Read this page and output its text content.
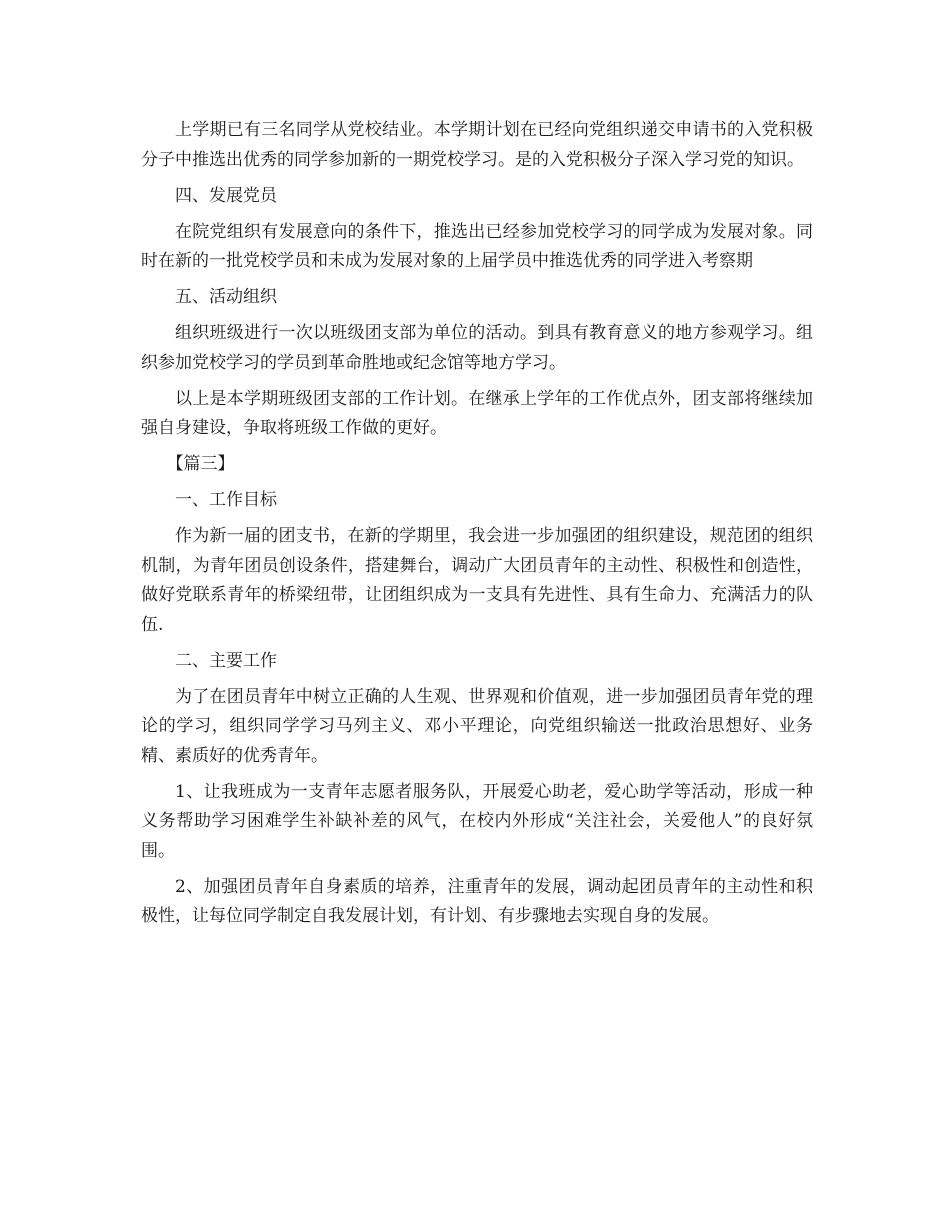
上学期已有三名同学从党校结业。本学期计划在已经向党组织递交申请书的入党积极分子中推选出优秀的同学参加新的一期党校学习。是的入党积极分子深入学习党的知识。

四、发展党员

在院党组织有发展意向的条件下，推选出已经参加党校学习的同学成为发展对象。同时在新的一批党校学员和未成为发展对象的上届学员中推选优秀的同学进入考察期

五、活动组织

组织班级进行一次以班级团支部为单位的活动。到具有教育意义的地方参观学习。组织参加党校学习的学员到革命胜地或纪念馆等地方学习。

以上是本学期班级团支部的工作计划。在继承上学年的工作优点外，团支部将继续加强自身建设，争取将班级工作做的更好。

【篇三】

一、工作目标

作为新一届的团支书，在新的学期里，我会进一步加强团的组织建设，规范团的组织机制，为青年团员创设条件，搭建舞台，调动广大团员青年的主动性、积极性和创造性，做好党联系青年的桥梁纽带，让团组织成为一支具有先进性、具有生命力、充满活力的队伍.

二、主要工作

为了在团员青年中树立正确的人生观、世界观和价值观，进一步加强团员青年党的理论的学习，组织同学学习马列主义、邓小平理论，向党组织输送一批政治思想好、业务精、素质好的优秀青年。

1、让我班成为一支青年志愿者服务队，开展爱心助老，爱心助学等活动，形成一种义务帮助学习困难学生补缺补差的风气，在校内外形成“关注社会，关爱他人”的良好氛围。

2、加强团员青年自身素质的培养，注重青年的发展，调动起团员青年的主动性和积极性，让每位同学制定自我发展计划，有计划、有步骤地去实现自身的发展。
